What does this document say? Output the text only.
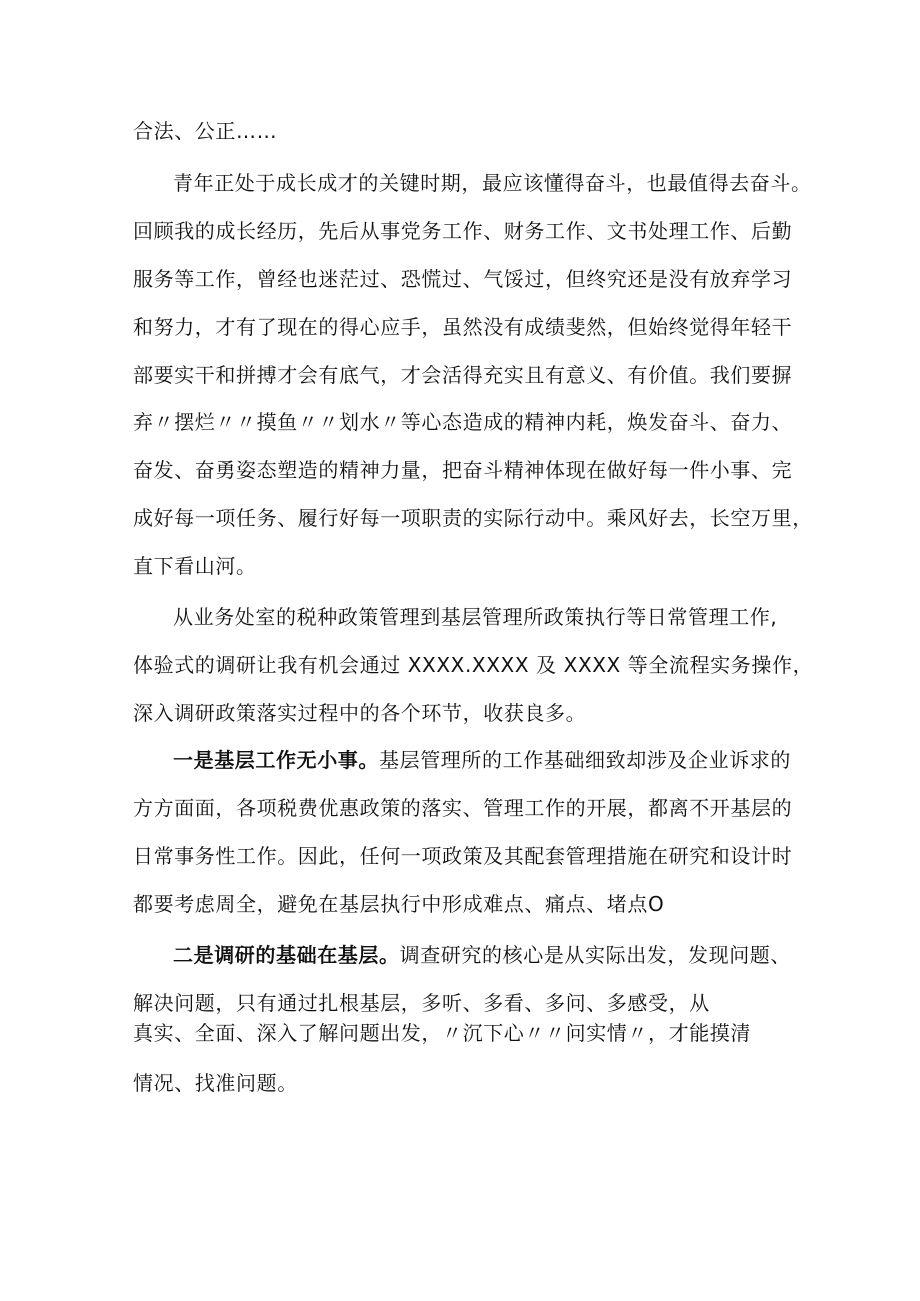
合法、公正……
青年正处于成长成才的关键时期，最应该懂得奋斗，也最值得去奋斗。
回顾我的成长经历，先后从事党务工作、财务工作、文书处理工作、后勤
服务等工作，曾经也迷茫过、恐慌过、气馁过，但终究还是没有放弃学习
和努力，才有了现在的得心应手，虽然没有成绩斐然，但始终觉得年轻干
部要实干和拼搏才会有底气，才会活得充实且有意义、有价值。我们要摒
弃〃摆烂〃〃摸鱼〃〃划水〃等心态造成的精神内耗，焕发奋斗、奋力、
奋发、奋勇姿态塑造的精神力量，把奋斗精神体现在做好每一件小事、完
成好每一项任务、履行好每一项职责的实际行动中。乘风好去，长空万里，
直下看山河。
从业务处室的税种政策管理到基层管理所政策执行等日常管理工作,
体验式的调研让我有机会通过 XXXX.XXXX 及 XXXX 等全流程实务操作，
深入调研政策落实过程中的各个环节，收获良多。
一是基层工作无小事。基层管理所的工作基础细致却涉及企业诉求的
方方面面，各项税费优惠政策的落实、管理工作的开展，都离不开基层的
日常事务性工作。因此，任何一项政策及其配套管理措施在研究和设计时
都要考虑周全，避免在基层执行中形成难点、痛点、堵点O
二是调研的基础在基层。调查研究的核心是从实际出发，发现问题、
解决问题，只有通过扎根基层，多听、多看、多问、多感受，从
真实、全面、深入了解问题出发，〃沉下心〃〃问实情〃，才能摸清
情况、找准问题。
